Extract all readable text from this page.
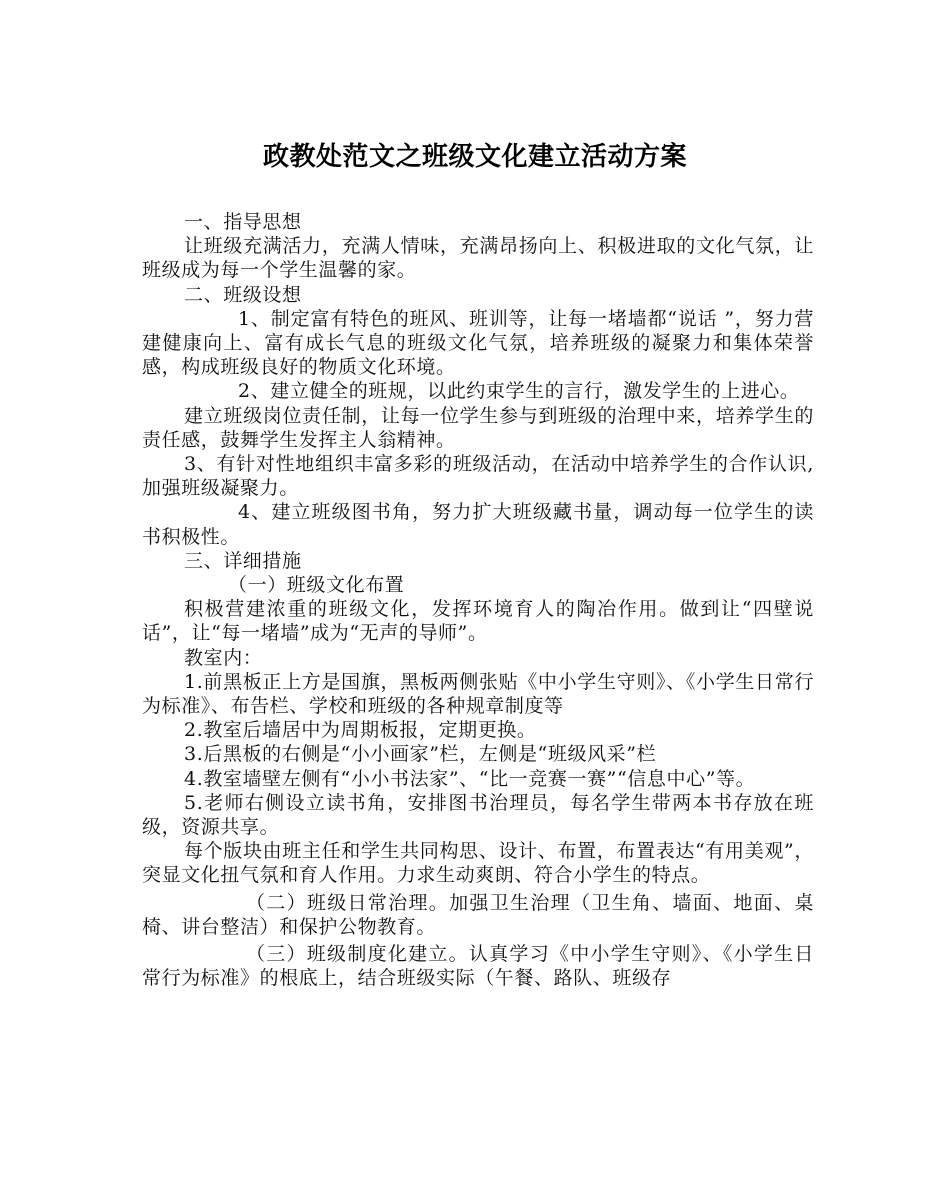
政教处范文之班级文化建立活动方案

一、指导思想

让班级充满活力，充满人情味，充满昂扬向上、积极进取的文化气氛，让班级成为每一个学生温馨的家。

二、班级设想

1、制定富有特色的班风、班训等，让每一堵墙都“说话 ”，努力营建健康向上、富有成长气息的班级文化气氛，培养班级的凝聚力和集体荣誉感，构成班级良好的物质文化环境。

2、建立健全的班规，以此约束学生的言行，激发学生的上进心。

建立班级岗位责任制，让每一位学生参与到班级的治理中来，培养学生的责任感，鼓舞学生发挥主人翁精神。

3、有针对性地组织丰富多彩的班级活动，在活动中培养学生的合作认识,加强班级凝聚力。

4、建立班级图书角，努力扩大班级藏书量，调动每一位学生的读书积极性。

三、详细措施

（一）班级文化布置

积极营建浓重的班级文化，发挥环境育人的陶冶作用。做到让“四壁说话”，让“每一堵墙”成为“无声的导师”。

教室内：

1.前黑板正上方是国旗，黑板两侧张贴《中小学生守则》、《小学生日常行为标准》、布告栏、学校和班级的各种规章制度等

2.教室后墙居中为周期板报，定期更换。

3.后黑板的右侧是“小小画家”栏，左侧是“班级风采”栏

4.教室墙壁左侧有“小小书法家”、“比一竞赛一赛”“信息中心”等。

5.老师右侧设立读书角，安排图书治理员，每名学生带两本书存放在班级，资源共享。

每个版块由班主任和学生共同构思、设计、布置，布置表达“有用美观”，突显文化扭气氛和育人作用。力求生动爽朗、符合小学生的特点。

（二）班级日常治理。加强卫生治理（卫生角、墙面、地面、桌椅、讲台整洁）和保护公物教育。

（三）班级制度化建立。认真学习《中小学生守则》、《小学生日常行为标准》的根底上，结合班级实际（午餐、路队、班级存
